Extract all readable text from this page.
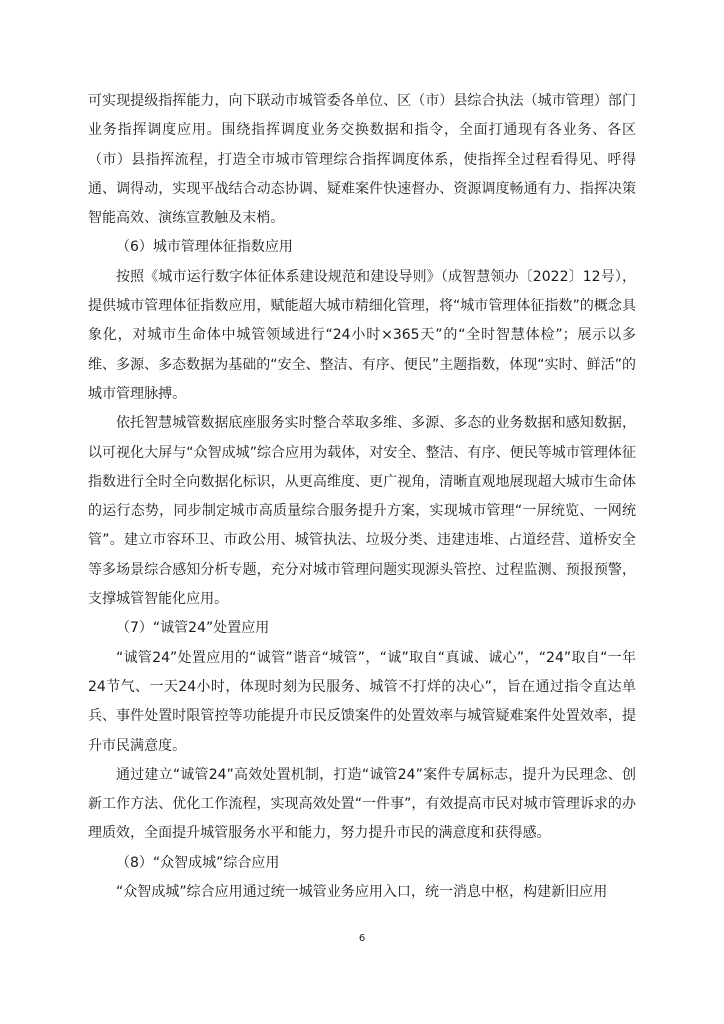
可实现提级指挥能力，向下联动市城管委各单位、区（市）县综合执法（城市管理）部门业务指挥调度应用。围绕指挥调度业务交换数据和指令，全面打通现有各业务、各区（市）县指挥流程，打造全市城市管理综合指挥调度体系，使指挥全过程看得见、呼得通、调得动，实现平战结合动态协调、疑难案件快速督办、资源调度畅通有力、指挥决策智能高效、演练宣教触及末梢。

（6）城市管理体征指数应用

按照《城市运行数字体征体系建设规范和建设导则》（成智慧领办〔2022〕12号），提供城市管理体征指数应用，赋能超大城市精细化管理，将“城市管理体征指数”的概念具象化，对城市生命体中城管领域进行“24小时×365天”的“全时智慧体检”；展示以多维、多源、多态数据为基础的“安全、整洁、有序、便民”主题指数，体现“实时、鲜活”的城市管理脉搏。

依托智慧城管数据底座服务实时整合萃取多维、多源、多态的业务数据和感知数据，以可视化大屏与“众智成城”综合应用为载体，对安全、整洁、有序、便民等城市管理体征指数进行全时全向数据化标识，从更高维度、更广视角，清晰直观地展现超大城市生命体的运行态势，同步制定城市高质量综合服务提升方案，实现城市管理“一屏统览、一网统管”。建立市容环卫、市政公用、城管执法、垃圾分类、违建违堆、占道经营、道桥安全等多场景综合感知分析专题，充分对城市管理问题实现源头管控、过程监测、预报预警，支撑城管智能化应用。

（7）“诚管24”处置应用

“诚管24”处置应用的“诚管”谐音“城管”，“诚”取自“真诚、诚心”，“24”取自“一年24节气、一天24小时，体现时刻为民服务、城管不打烊的决心”，旨在通过指令直达单兵、事件处置时限管控等功能提升市民反馈案件的处置效率与城管疑难案件处置效率，提升市民满意度。

通过建立“诚管24”高效处置机制，打造“诚管24”案件专属标志，提升为民理念、创新工作方法、优化工作流程，实现高效处置“一件事”，有效提高市民对城市管理诉求的办理质效，全面提升城管服务水平和能力，努力提升市民的满意度和获得感。

（8）“众智成城”综合应用

“众智成城”综合应用通过统一城管业务应用入口，统一消息中枢，构建新旧应用

6
